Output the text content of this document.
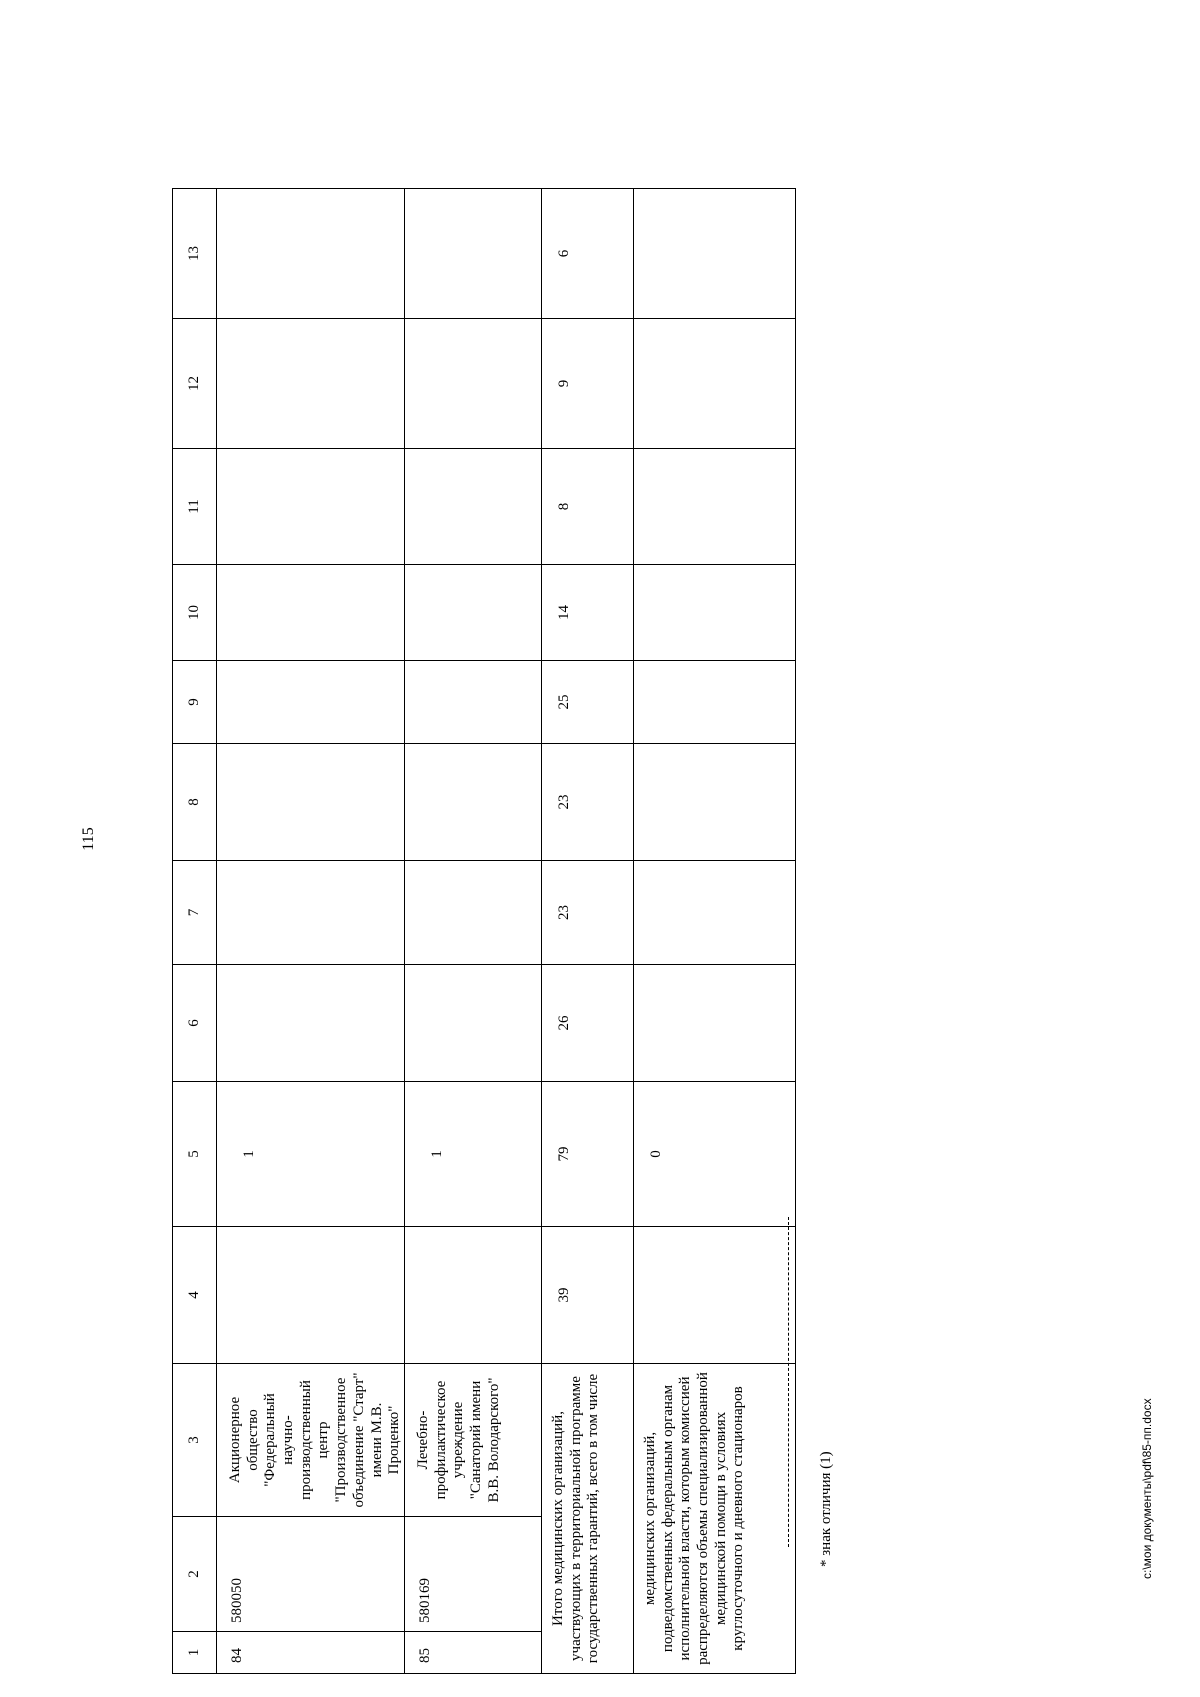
115
1	2	3	4	5	6	7	8	9	10	11	12	13
84	580050	Акционерное общество "Федеральный научно-производственный центр "Производственное объединение "Старт" имени М.В. Проценко"		1								
85	580169	Лечебно-профилактическое учреждение "Санаторий имени В.В. Володарского"		1								
Итого медицинских организаций, участвующих в территориальной программе государственных гарантий, всего в том числе			39	79	26	23	23	25	14	8	9	6
медицинских организаций, подведомственных федеральным органам исполнительной власти, которым комиссией распределяются объемы специализированной медицинской помощи в условиях круглосуточного и дневного стационаров				0								
* знак отличия (1)	c:\мои документы\pdf\85-пп.docx
